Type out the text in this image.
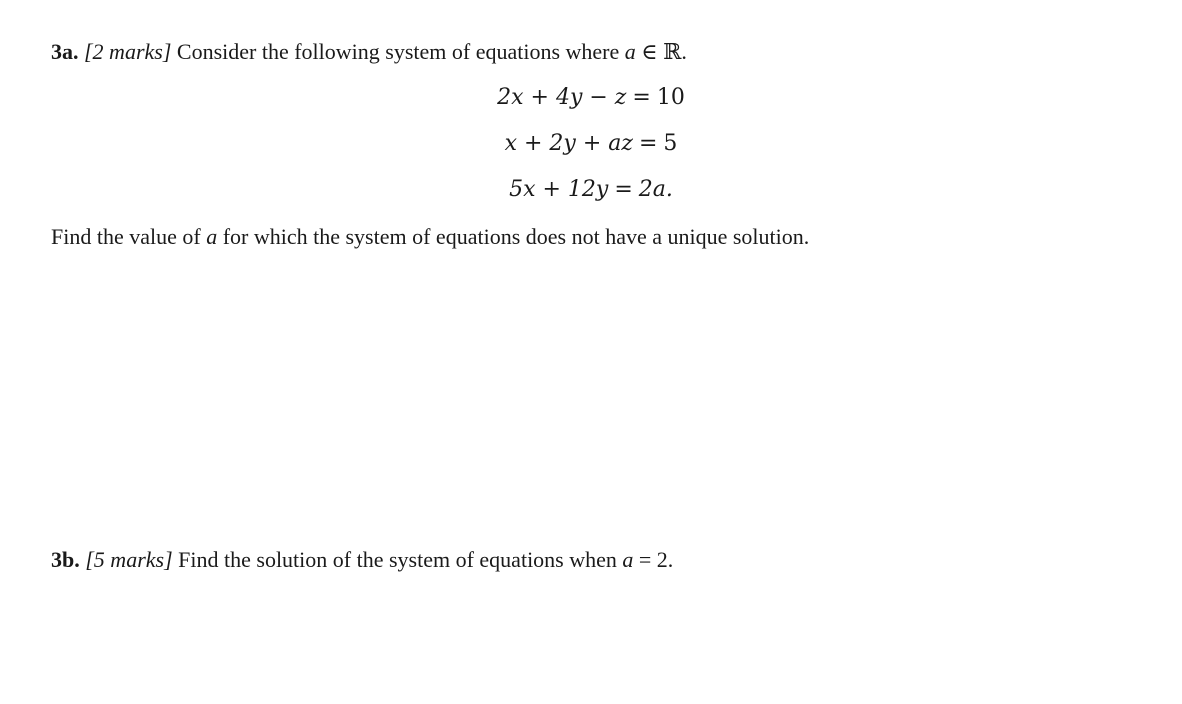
3a. [2 marks] Consider the following system of equations where a ∈ ℝ.
2x + 4y − z = 10
x + 2y + az = 5
5x + 12y = 2a.
Find the value of a for which the system of equations does not have a unique solution.
3b. [5 marks] Find the solution of the system of equations when a = 2.
